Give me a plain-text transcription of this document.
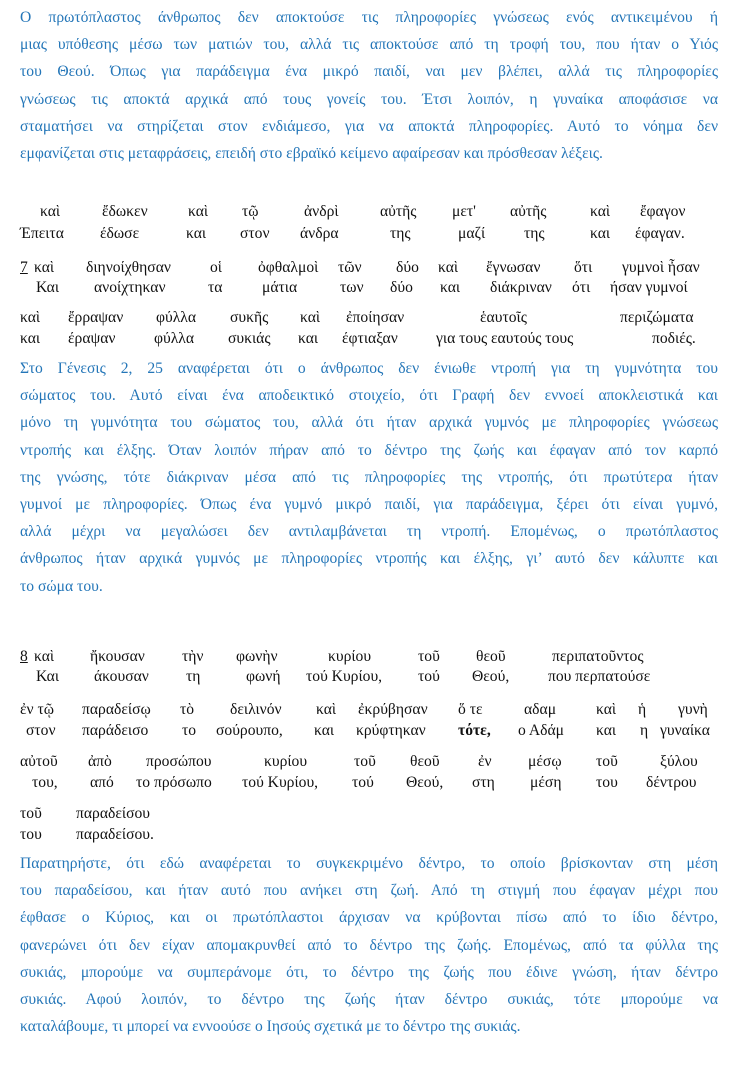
Ο πρωτόπλαστος άνθρωπος δεν αποκτούσε τις πληροφορίες γνώσεως ενός αντικειμένου ή
μιας υπόθεσης μέσω των ματιών του, αλλά τις αποκτούσε από τη τροφή του, που ήταν ο Υιός
του Θεού. Όπως για παράδειγμα ένα μικρό παιδί, ναι μεν βλέπει, αλλά τις πληροφορίες
γνώσεως τις αποκτά αρχικά από τους γονείς του. Έτσι λοιπόν, η γυναίκα αποφάσισε να
σταματήσει να στηρίζεται στον ενδιάμεσο, για να αποκτά πληροφορίες. Αυτό το νόημα δεν
εμφανίζεται στις μεταφράσεις, επειδή στο εβραϊκό κείμενο αφαίρεσαν και πρόσθεσαν λέξεις.
καὶ	ἔδωκεν	καὶ τῷ	ἀνδρὶ	αὐτῆς μετ' αὐτῆς	καὶ ἔφαγον
Έπειτα έδωσε	και στον άνδρα	της	μαζί της	και έφαγαν.
7 καὶ διηνοίχθησαν	οἱ ὀφθαλμοὶ τῶν δύο καὶ ἔγνωσαν ὅτι γυμνοὶ ἦσαν
Και ανοίχτηκαν	τα	μάτια	των δύο και διάκριναν ότι ήσαν γυμνοί
καὶ ἔρραψαν φύλλα συκῆς καὶ ἐποίησαν	ἑαυτοῖς	περιζώματα
και έραψαν φύλλα συκιάς και έφτιαξαν για τους εαυτούς τους	ποδιές.
Στο Γένεσις 2, 25 αναφέρεται ότι ο άνθρωπος δεν ένιωθε ντροπή για τη γυμνότητα του
σώματος του. Αυτό είναι ένα αποδεικτικό στοιχείο, ότι Γραφή δεν εννοεί αποκλειστικά και
μόνο τη γυμνότητα του σώματος του, αλλά ότι ήταν αρχικά γυμνός με πληροφορίες γνώσεως
ντροπής και έλξης. Όταν λοιπόν πήραν από το δέντρο της ζωής και έφαγαν από τον καρπό
της γνώσης, τότε διάκριναν μέσα από τις πληροφορίες της ντροπής, ότι πρωτύτερα ήταν
γυμνοί με πληροφορίες. Όπως ένα γυμνό μικρό παιδί, για παράδειγμα, ξέρει ότι είναι γυμνό,
αλλά μέχρι να μεγαλώσει δεν αντιλαμβάνεται τη ντροπή. Επομένως, ο πρωτόπλαστος
άνθρωπος ήταν αρχικά γυμνός με πληροφορίες ντροπής και έλξης, γι’ αυτό δεν κάλυπτε και
το σώμα του.
8 καὶ ἤκουσαν τὴν φωνὴν	κυρίου	τοῦ θεοῦ	περιπατοῦντος
Και άκουσαν τη	φωνή τού Κυρίου, τού Θεού, που περπατούσε
ἐν τῷ παραδείσῳ τὸ δειλινόν καὶ ἐκρύβησαν ὅ τε	αδαμ	καὶ ἡ γυνὴ
στον παράδεισο το σούρουπο, και κρύφτηκαν τότε, ο Αδάμ και η γυναίκα
αὐτοῦ ἀπὸ προσώπου	κυρίου	τοῦ θεοῦ ἐν μέσῳ τοῦ	ξύλου
του, από το πρόσωπο τού Κυρίου, τού Θεού, στη μέση του δέντρου
τοῦ παραδείσου
του παραδείσου.
Παρατηρήστε, ότι εδώ αναφέρεται το συγκεκριμένο δέντρο, το οποίο βρίσκονταν στη μέση
του παραδείσου, και ήταν αυτό που ανήκει στη ζωή. Από τη στιγμή που έφαγαν μέχρι που
έφθασε ο Κύριος, και οι πρωτόπλαστοι άρχισαν να κρύβονται πίσω από το ίδιο δέντρο,
φανερώνει ότι δεν είχαν απομακρυνθεί από το δέντρο της ζωής. Επομένως, από τα φύλλα της
συκιάς, μπορούμε να συμπεράνομε ότι, το δέντρο της ζωής που έδινε γνώση, ήταν δέντρο
συκιάς. Αφού λοιπόν, το δέντρο της ζωής ήταν δέντρο συκιάς, τότε μπορούμε να
καταλάβουμε, τι μπορεί να εννοούσε ο Ιησούς σχετικά με το δέντρο της συκιάς.
